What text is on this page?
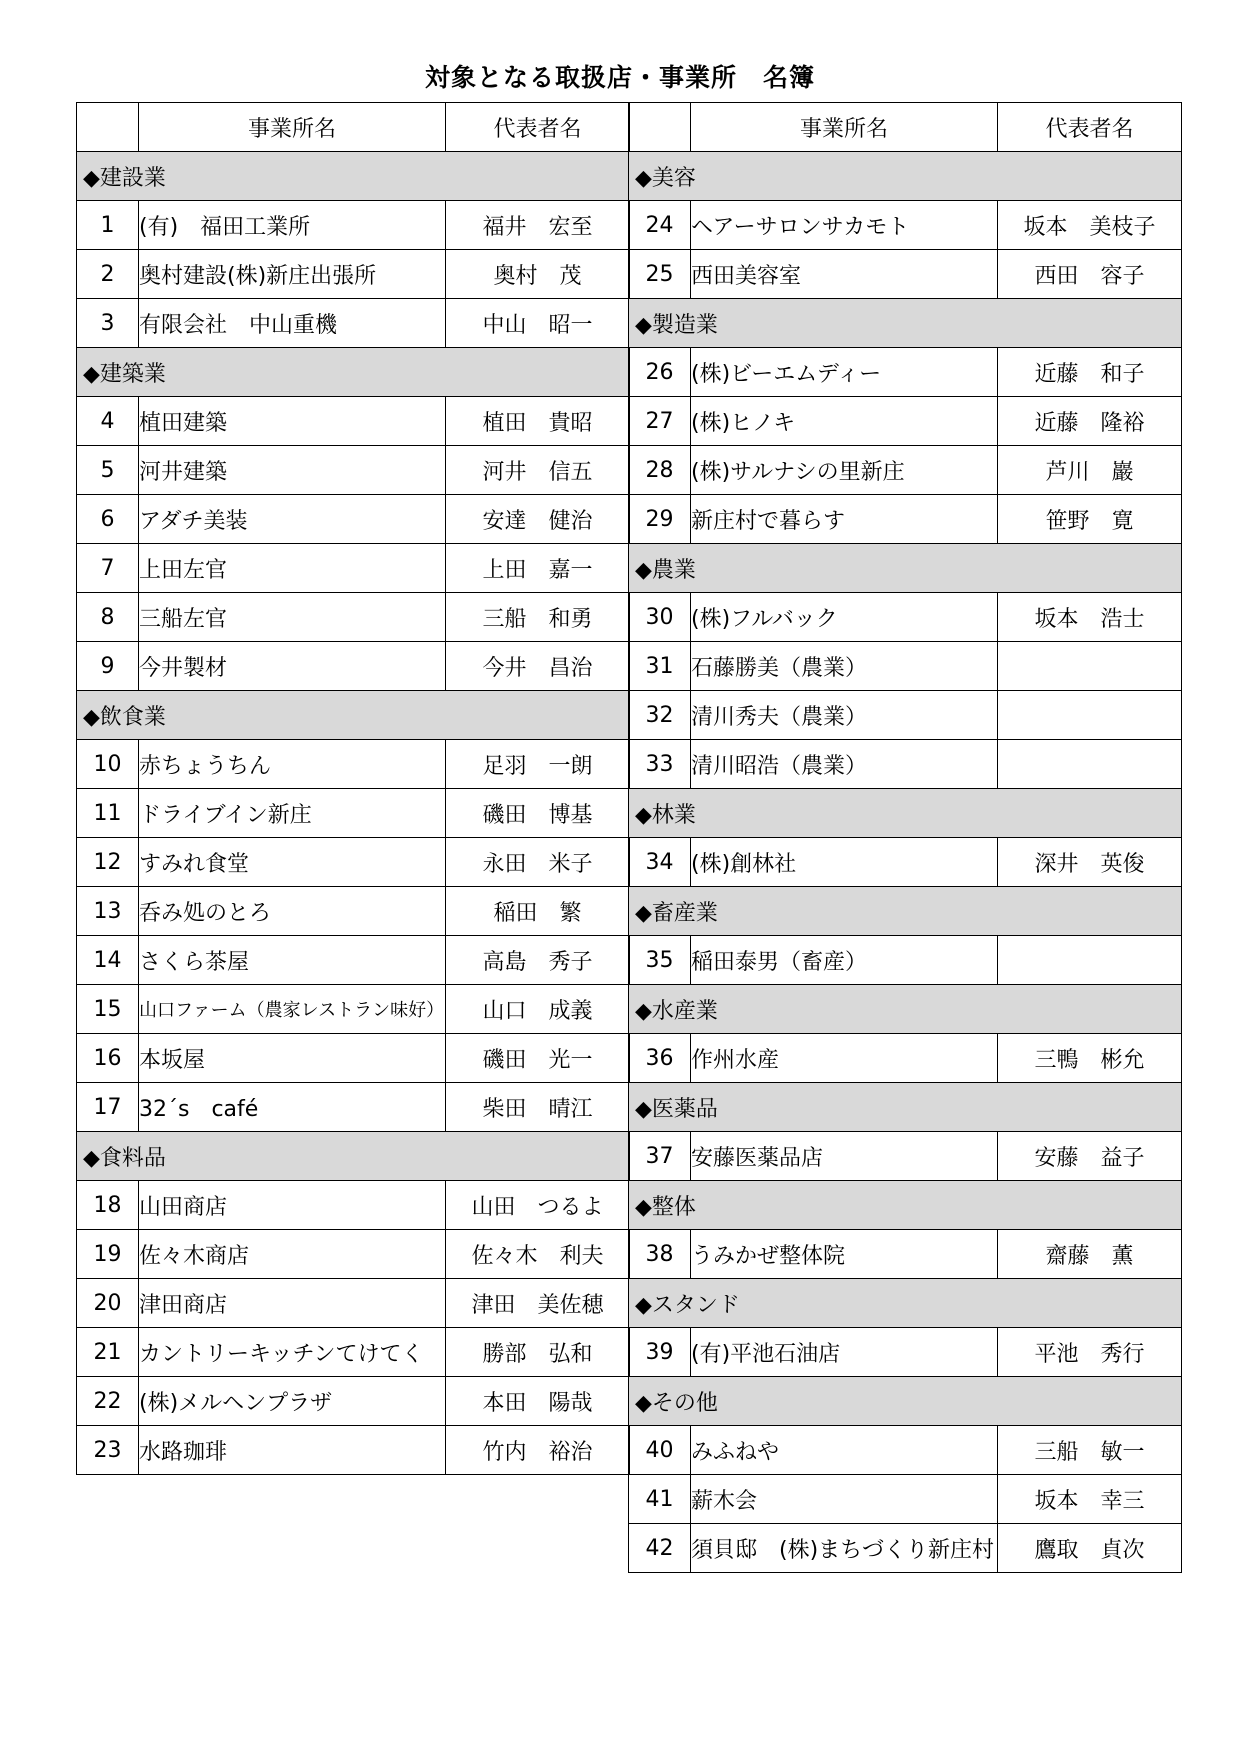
対象となる取扱店・事業所　名簿
	事業所名	代表者名
◆建設業		
1	(有)　福田工業所	福井　宏至
2	奥村建設(株)新庄出張所	奥村　茂
3	有限会社　中山重機	中山　昭一
◆建築業		
4	植田建築	植田　貴昭
5	河井建築	河井　信五
6	アダチ美装	安達　健治
7	上田左官	上田　嘉一
8	三船左官	三船　和勇
9	今井製材	今井　昌治
◆飲食業		
10	赤ちょうちん	足羽　一朗
11	ドライブイン新庄	磯田　博基
12	すみれ食堂	永田　米子
13	呑み処のとろ	稲田　繁
14	さくら茶屋	高島　秀子
15	山口ファーム（農家レストラン味好）	山口　成義
16	本坂屋	磯田　光一
17	32´s　café	柴田　晴江
◆食料品		
18	山田商店	山田　つるよ
19	佐々木商店	佐々木　利夫
20	津田商店	津田　美佐穂
21	カントリーキッチンてけてく	勝部　弘和
22	(株)メルヘンプラザ	本田　陽哉
23	水路珈琲	竹内　裕治
	事業所名	代表者名
◆美容		
24	ヘアーサロンサカモト	坂本　美枝子
25	西田美容室	西田　容子
◆製造業		
26	(株)ビーエムディー	近藤　和子
27	(株)ヒノキ	近藤　隆裕
28	(株)サルナシの里新庄	芦川　巖
29	新庄村で暮らす	笹野　寛
◆農業		
30	(株)フルバック	坂本　浩士
31	石藤勝美（農業）	
32	清川秀夫（農業）	
33	清川昭浩（農業）	
◆林業		
34	(株)創林社	深井　英俊
◆畜産業		
35	稲田泰男（畜産）	
◆水産業		
36	作州水産	三鴨　彬允
◆医薬品		
37	安藤医薬品店	安藤　益子
◆整体		
38	うみかぜ整体院	齋藤　薫
◆スタンド		
39	(有)平池石油店	平池　秀行
◆その他		
40	みふねや	三船　敏一
41	薪木会	坂本　幸三
42	須貝邸　(株)まちづくり新庄村	鷹取　貞次
